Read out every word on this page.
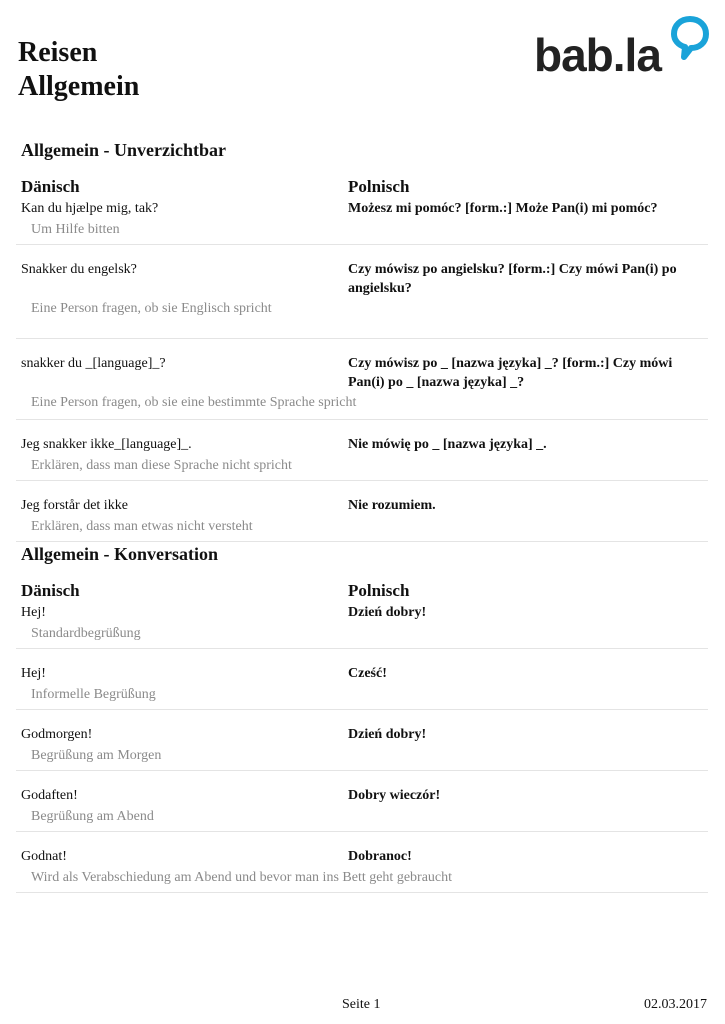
Reisen
Allgemein
bab.la
Allgemein - Unverzichtbar
Dänisch	Polnisch
Kan du hjælpe mig, tak?	Możesz mi pomóc? [form.:] Może Pan(i) mi pomóc?
Um Hilfe bitten
Snakker du engelsk?	Czy mówisz po angielsku? [form.:] Czy mówi Pan(i) po angielsku?
Eine Person fragen, ob sie Englisch spricht
snakker du _[language]_?	Czy mówisz po _ [nazwa języka] _? [form.:] Czy mówi Pan(i) po _ [nazwa języka] _?
Eine Person fragen, ob sie eine bestimmte Sprache spricht
Jeg snakker ikke_[language]_.	Nie mówię po _ [nazwa języka] _.
Erklären, dass man diese Sprache nicht spricht
Jeg forstår det ikke	Nie rozumiem.
Erklären, dass man etwas nicht versteht
Allgemein - Konversation
Dänisch	Polnisch
Hej!	Dzień dobry!
Standardbegrüßung
Hej!	Cześć!
Informelle Begrüßung
Godmorgen!	Dzień dobry!
Begrüßung am Morgen
Godaften!	Dobry wieczór!
Begrüßung am Abend
Godnat!	Dobranoc!
Wird als Verabschiedung am Abend und bevor man ins Bett geht gebraucht
Seite 1	02.03.2017
